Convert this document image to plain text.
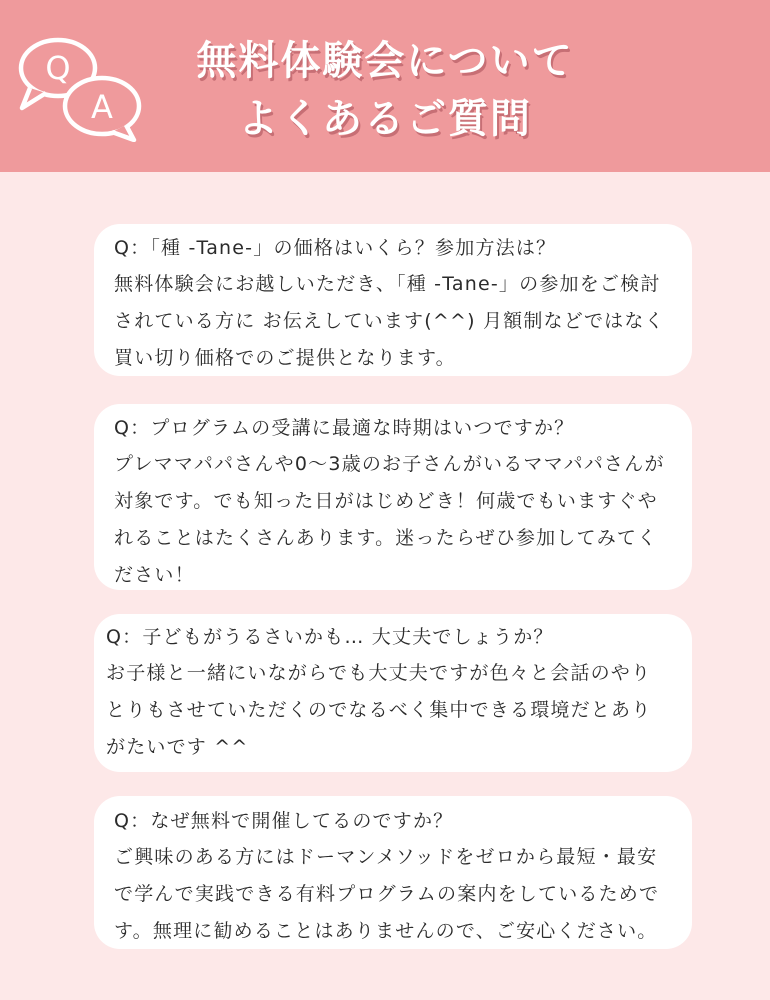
Q
A
無料体験会について
よくあるご質問
Q：「種 -Tane-」の価格はいくら？参加方法は？
無料体験会にお越しいただき、「種 -Tane-」の参加をご検討されている方に お伝えしています(^^) 月額制などではなく 買い切り価格でのご提供となります。
Q：プログラムの受講に最適な時期はいつですか？
プレママパパさんや0〜3歳のお子さんがいるママパパさんが対象です。でも知った日がはじめどき！何歳でもいますぐやれることはたくさんあります。迷ったらぜひ参加してみてください！
Q：子どもがうるさいかも… 大丈夫でしょうか？
お子様と一緒にいながらでも大丈夫ですが色々と会話のやりとりもさせていただくのでなるべく集中できる環境だとありがたいです ^^
Q：なぜ無料で開催してるのですか？
ご興味のある方にはドーマンメソッドをゼロから最短・最安で学んで実践できる有料プログラムの案内をしているためです。無理に勧めることはありませんので、ご安心ください。
